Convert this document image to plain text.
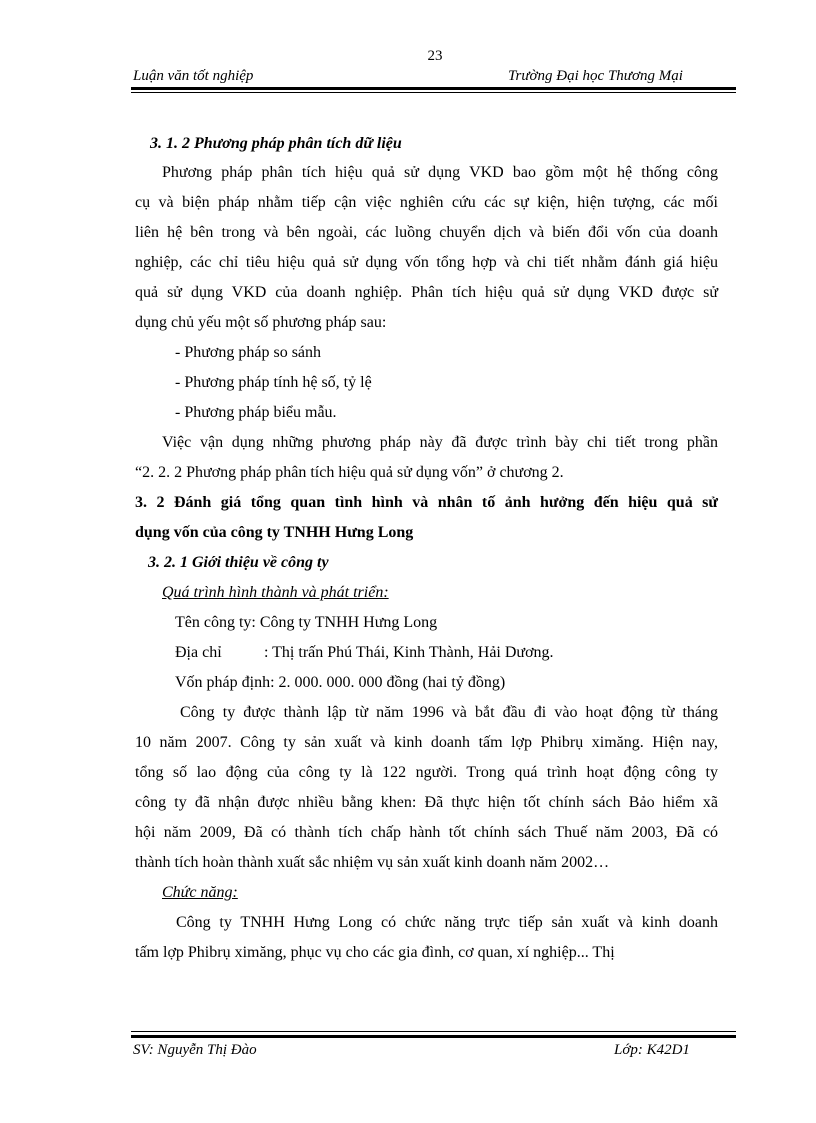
23
Luận văn tốt nghiệp	Trường Đại học Thương Mại
3. 1. 2 Phương pháp phân tích dữ liệu
Phương pháp phân tích hiệu quả sử dụng VKD bao gồm một hệ thống công
cụ và biện pháp nhằm tiếp cận việc nghiên cứu các sự kiện, hiện tượng, các mối
liên hệ bên trong và bên ngoài, các luồng chuyển dịch và biến đổi vốn của doanh
nghiệp, các chỉ tiêu hiệu quả sử dụng vốn tổng hợp và chi tiết nhằm đánh giá hiệu
quả sử dụng VKD của doanh nghiệp. Phân tích hiệu quả sử dụng VKD được sử
dụng chủ yếu một số phương pháp sau:
- Phương pháp so sánh
- Phương pháp tính hệ số, tỷ lệ
- Phương pháp biểu mẫu.
Việc vận dụng những phương pháp này đã được trình bày chi tiết trong phần
“2. 2. 2 Phương pháp phân tích hiệu quả sử dụng vốn” ở chương 2.
3. 2 Đánh giá tổng quan tình hình và nhân tố ảnh hưởng đến hiệu quả sử
dụng vốn của công ty TNHH Hưng Long
3. 2. 1 Giới thiệu về công ty
Quá trình hình thành và phát triển:
Tên công ty: Công ty TNHH Hưng Long
Địa chỉ	: Thị trấn Phú Thái, Kinh Thành, Hải Dương.
Vốn pháp định: 2. 000. 000. 000 đồng (hai tỷ đồng)
Công ty được thành lập từ năm 1996 và bắt đầu đi vào hoạt động từ tháng
10 năm 2007. Công ty sản xuất và kinh doanh tấm lợp Phibrụ ximăng. Hiện nay,
tổng số lao động của công ty là 122 người. Trong quá trình hoạt động công ty
công ty đã nhận được nhiều bằng khen: Đã thực hiện tốt chính sách Bảo hiểm xã
hội năm 2009, Đã có thành tích chấp hành tốt chính sách Thuế năm 2003, Đã có
thành tích hoàn thành xuất sắc nhiệm vụ sản xuất kinh doanh năm 2002…
Chức năng:
Công ty TNHH Hưng Long có chức năng trực tiếp sản xuất và kinh doanh
tấm lợp Phibrụ ximăng, phục vụ cho các gia đình, cơ quan, xí nghiệp... Thị
SV: Nguyễn Thị Đào	Lớp: K42D1
